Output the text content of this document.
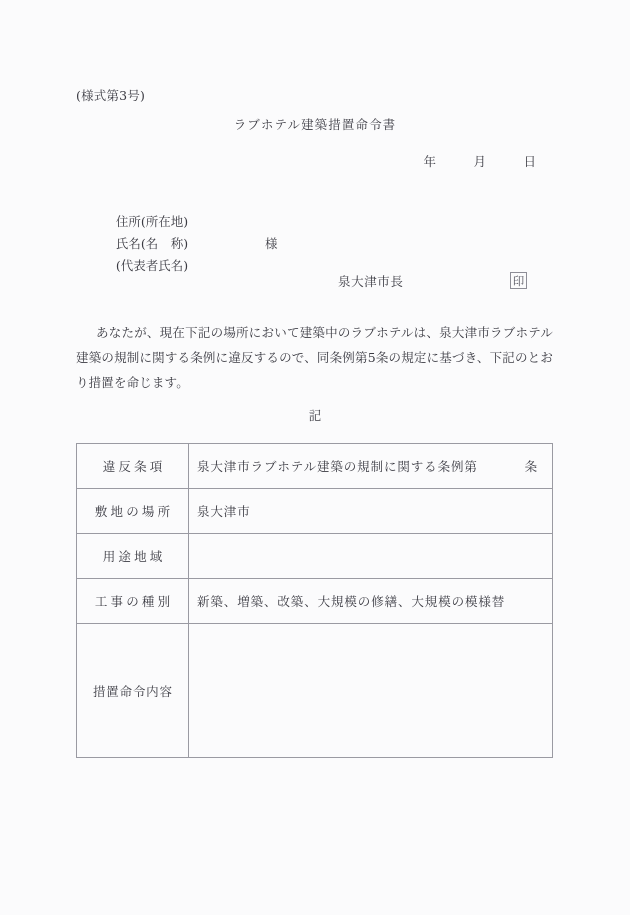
(様式第3号)
ラブホテル建築措置命令書
年　　　月　　　日

住所(所在地)

氏名(名　称)

(代表者氏名)

様

泉大津市長	印
あなたが、現在下記の場所において建築中のラブホテルは、泉大津市ラブホテル建築の規制に関する条例に違反するので、同条例第5条の規定に基づき、下記のとおり措置を命じます。
記
違反条項	泉大津市ラブホテル建築の規制に関する条例第 条

敷地の場所	泉大津市

用途地域	

工事の種別	新築、増築、改築、大規模の修繕、大規模の模様替

措置命令内容	
